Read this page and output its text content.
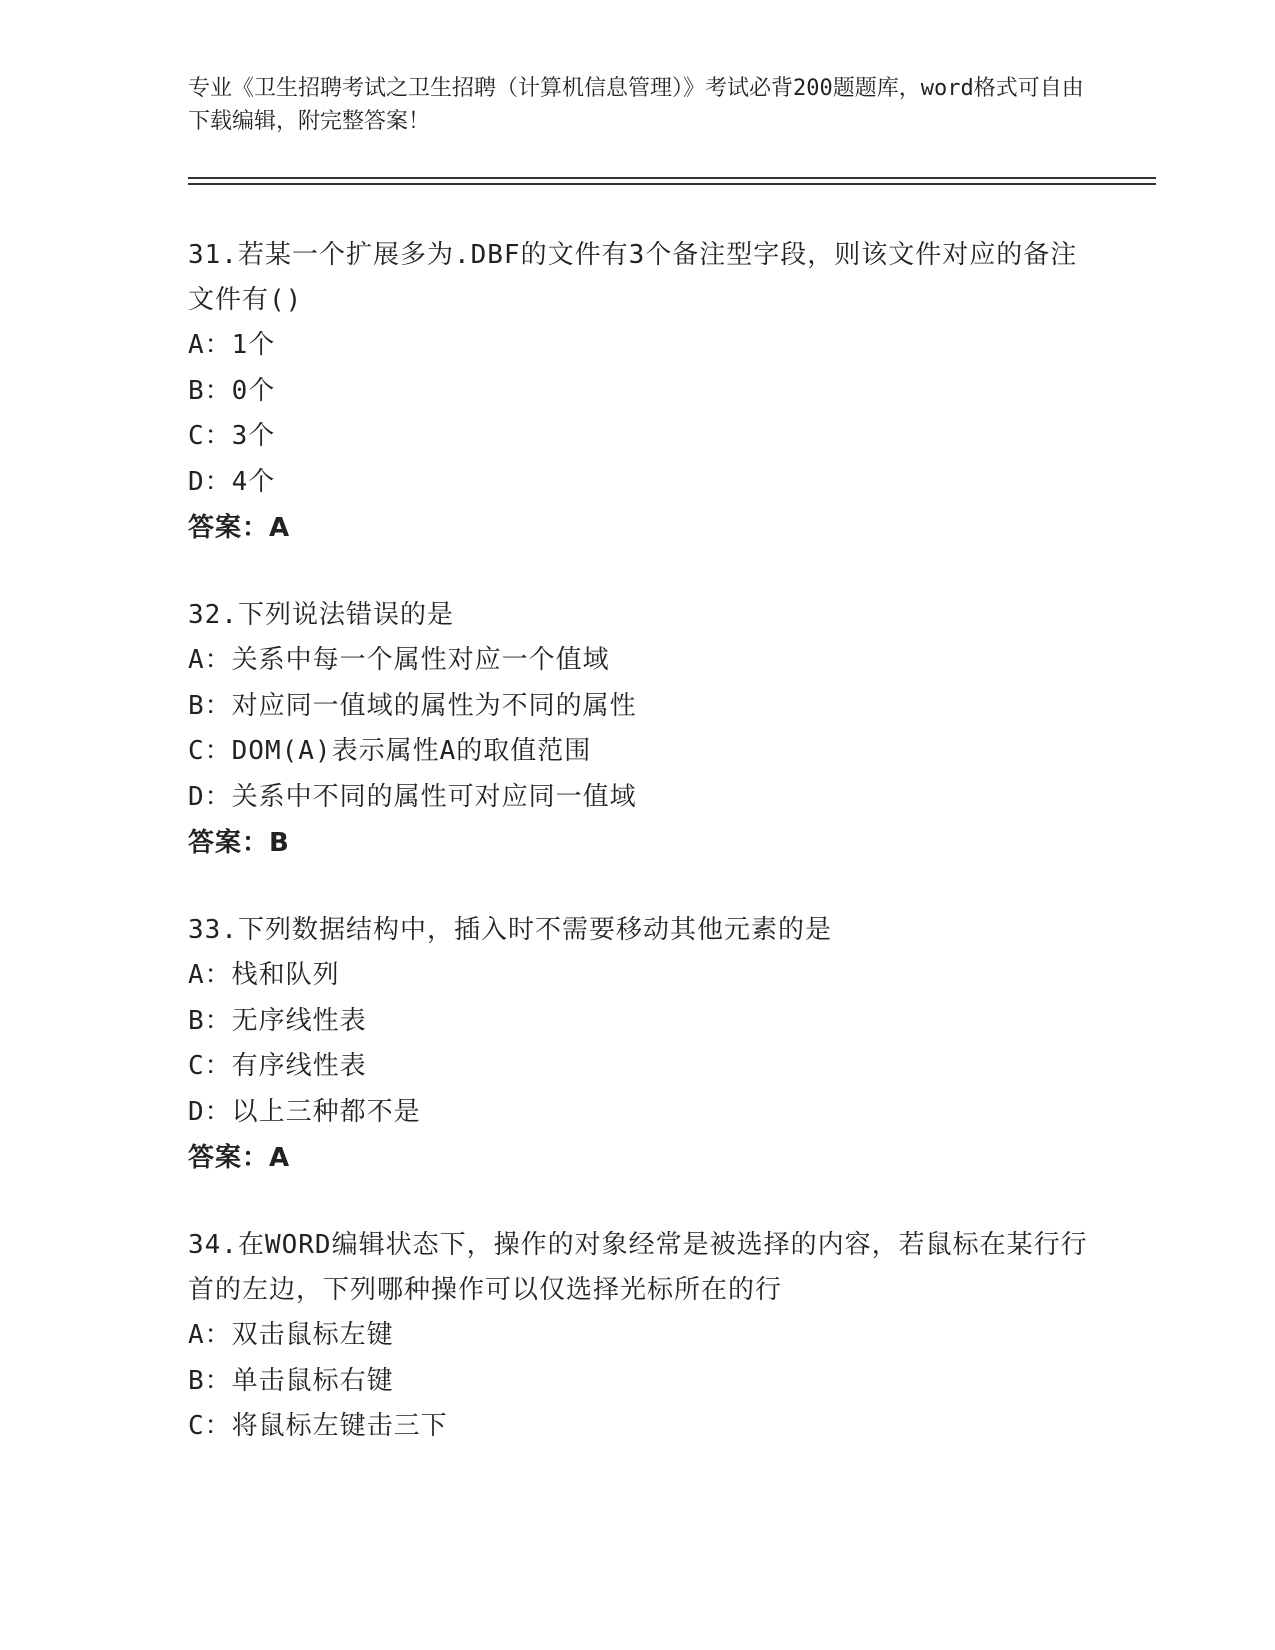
专业《卫生招聘考试之卫生招聘（计算机信息管理）》考试必背200题题库，word格式可自由下载编辑，附完整答案！
31.若某一个扩展多为.DBF的文件有3个备注型字段，则该文件对应的备注文件有()
A：1个
B：0个
C：3个
D：4个
答案：A
32.下列说法错误的是
A：关系中每一个属性对应一个值域
B：对应同一值域的属性为不同的属性
C：DOM(A)表示属性A的取值范围
D：关系中不同的属性可对应同一值域
答案：B
33.下列数据结构中，插入时不需要移动其他元素的是
A：栈和队列
B：无序线性表
C：有序线性表
D：以上三种都不是
答案：A
34.在WORD编辑状态下，操作的对象经常是被选择的内容，若鼠标在某行行首的左边，下列哪种操作可以仅选择光标所在的行
A：双击鼠标左键
B：单击鼠标右键
C：将鼠标左键击三下
